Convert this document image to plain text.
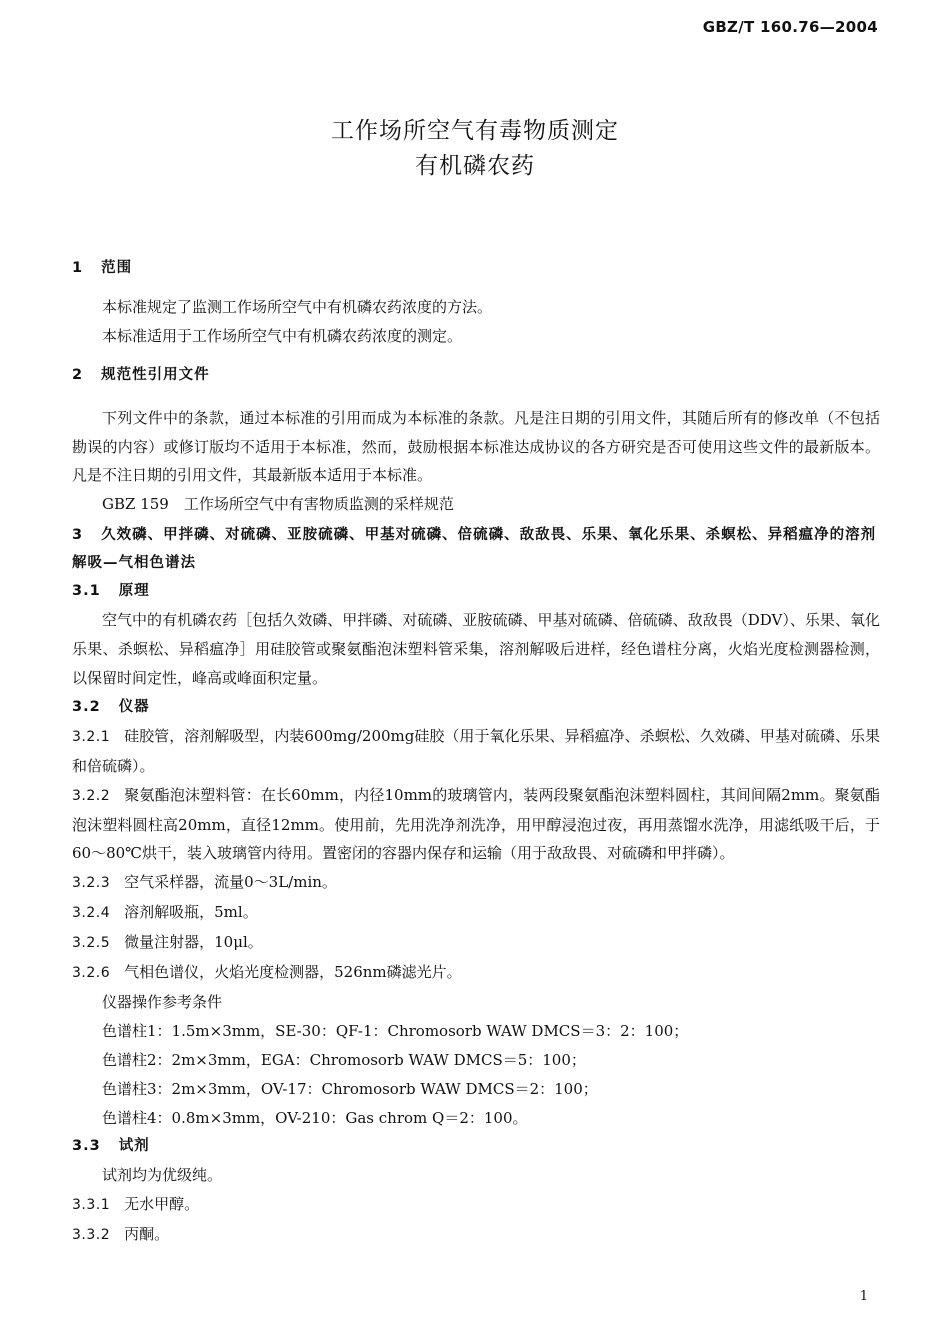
GBZ/T 160.76—2004
工作场所空气有毒物质测定
有机磷农药
1 范围
本标准规定了监测工作场所空气中有机磷农药浓度的方法。
本标准适用于工作场所空气中有机磷农药浓度的测定。
2 规范性引用文件
下列文件中的条款，通过本标准的引用而成为本标准的条款。凡是注日期的引用文件，其随后所有的修改单（不包括勘误的内容）或修订版均不适用于本标准，然而，鼓励根据本标准达成协议的各方研究是否可使用这些文件的最新版本。凡是不注日期的引用文件，其最新版本适用于本标准。
GBZ 159　工作场所空气中有害物质监测的采样规范
3 久效磷、甲拌磷、对硫磷、亚胺硫磷、甲基对硫磷、倍硫磷、敌敌畏、乐果、氧化乐果、杀螟松、异稻瘟净的溶剂解吸—气相色谱法
3.1 原理
空气中的有机磷农药［包括久效磷、甲拌磷、对硫磷、亚胺硫磷、甲基对硫磷、倍硫磷、敌敌畏（DDV）、乐果、氧化乐果、杀螟松、异稻瘟净］用硅胶管或聚氨酯泡沫塑料管采集，溶剂解吸后进样，经色谱柱分离，火焰光度检测器检测，以保留时间定性，峰高或峰面积定量。
3.2 仪器
3.2.1 硅胶管，溶剂解吸型，内装600mg/200mg硅胶（用于氧化乐果、异稻瘟净、杀螟松、久效磷、甲基对硫磷、乐果和倍硫磷）。
3.2.2 聚氨酯泡沫塑料管：在长60mm，内径10mm的玻璃管内，装两段聚氨酯泡沫塑料圆柱，其间间隔2mm。聚氨酯泡沫塑料圆柱高20mm，直径12mm。使用前，先用洗净剂洗净，用甲醇浸泡过夜，再用蒸馏水洗净，用滤纸吸干后，于60～80℃烘干，装入玻璃管内待用。置密闭的容器内保存和运输（用于敌敌畏、对硫磷和甲拌磷）。
3.2.3 空气采样器，流量0～3L/min。
3.2.4 溶剂解吸瓶，5ml。
3.2.5 微量注射器，10μl。
3.2.6 气相色谱仪，火焰光度检测器，526nm磷滤光片。
仪器操作参考条件
色谱柱1：1.5m×3mm，SE-30：QF-1：Chromosorb WAW DMCS＝3：2：100；
色谱柱2：2m×3mm，EGA：Chromosorb WAW DMCS＝5：100；
色谱柱3：2m×3mm，OV-17：Chromosorb WAW DMCS＝2：100；
色谱柱4：0.8m×3mm，OV-210：Gas chrom Q＝2：100。
3.3 试剂
试剂均为优级纯。
3.3.1 无水甲醇。
3.3.2 丙酮。
1
